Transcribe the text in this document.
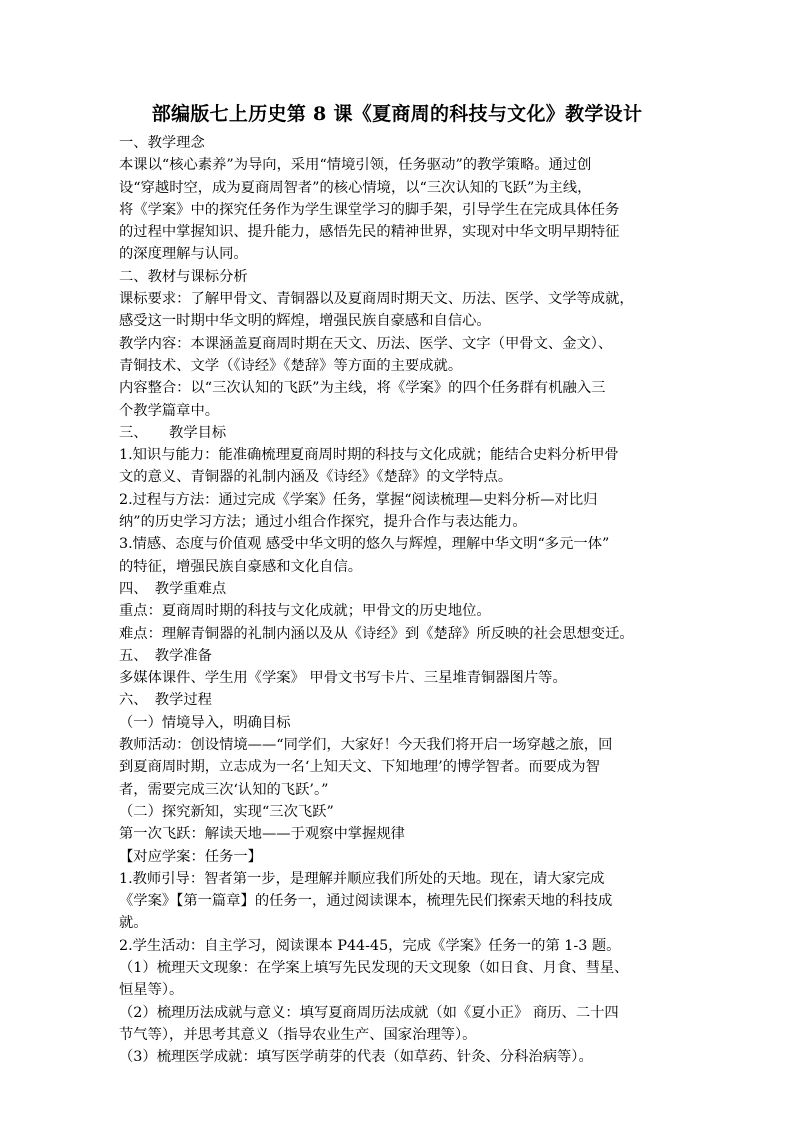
部编版七上历史第 8 课《夏商周的科技与文化》教学设计
一、教学理念
本课以“核心素养”为导向，采用“情境引领，任务驱动”的教学策略。通过创
设“穿越时空，成为夏商周智者”的核心情境，以“三次认知的飞跃”为主线，
将《学案》中的探究任务作为学生课堂学习的脚手架，引导学生在完成具体任务
的过程中掌握知识、提升能力，感悟先民的精神世界，实现对中华文明早期特征
的深度理解与认同。
二、教材与课标分析
课标要求：了解甲骨文、青铜器以及夏商周时期天文、历法、医学、文学等成就，
感受这一时期中华文明的辉煌，增强民族自豪感和自信心。
教学内容：本课涵盖夏商周时期在天文、历法、医学、文字（甲骨文、金文）、
青铜技术、文学（《诗经》《楚辞》等方面的主要成就。
内容整合：以“三次认知的飞跃”为主线，将《学案》的四个任务群有机融入三
个教学篇章中。
三、　　教学目标
1.知识与能力：能准确梳理夏商周时期的科技与文化成就；能结合史料分析甲骨
文的意义、青铜器的礼制内涵及《诗经》《楚辞》的文学特点。
2.过程与方法：通过完成《学案》任务，掌握“阅读梳理—史料分析—对比归
纳”的历史学习方法；通过小组合作探究，提升合作与表达能力。
3.情感、态度与价值观 感受中华文明的悠久与辉煌，理解中华文明“多元一体”
的特征，增强民族自豪感和文化自信。
四、　教学重难点
重点：夏商周时期的科技与文化成就；甲骨文的历史地位。
难点：理解青铜器的礼制内涵以及从《诗经》到《楚辞》所反映的社会思想变迁。
五、　教学准备
多媒体课件、学生用《学案》 甲骨文书写卡片、三星堆青铜器图片等。
六、　教学过程
（一）情境导入，明确目标
教师活动：创设情境——“同学们，大家好！今天我们将开启一场穿越之旅，回
到夏商周时期，立志成为一名‘上知天文、下知地理’的博学智者。而要成为智
者，需要完成三次‘认知的飞跃’。”
（二）探究新知，实现“三次飞跃”
第一次飞跃：解读天地——于观察中掌握规律
【对应学案：任务一】
1.教师引导：智者第一步，是理解并顺应我们所处的天地。现在，请大家完成
《学案》【第一篇章】的任务一，通过阅读课本，梳理先民们探索天地的科技成
就。
2.学生活动：自主学习，阅读课本 P44-45，完成《学案》任务一的第 1-3 题。
（1）梳理天文现象：在学案上填写先民发现的天文现象（如日食、月食、彗星、
恒星等）。
（2）梳理历法成就与意义：填写夏商周历法成就（如《夏小正》 商历、二十四
节气等），并思考其意义（指导农业生产、国家治理等）。
（3）梳理医学成就：填写医学萌芽的代表（如草药、针灸、分科治病等）。
